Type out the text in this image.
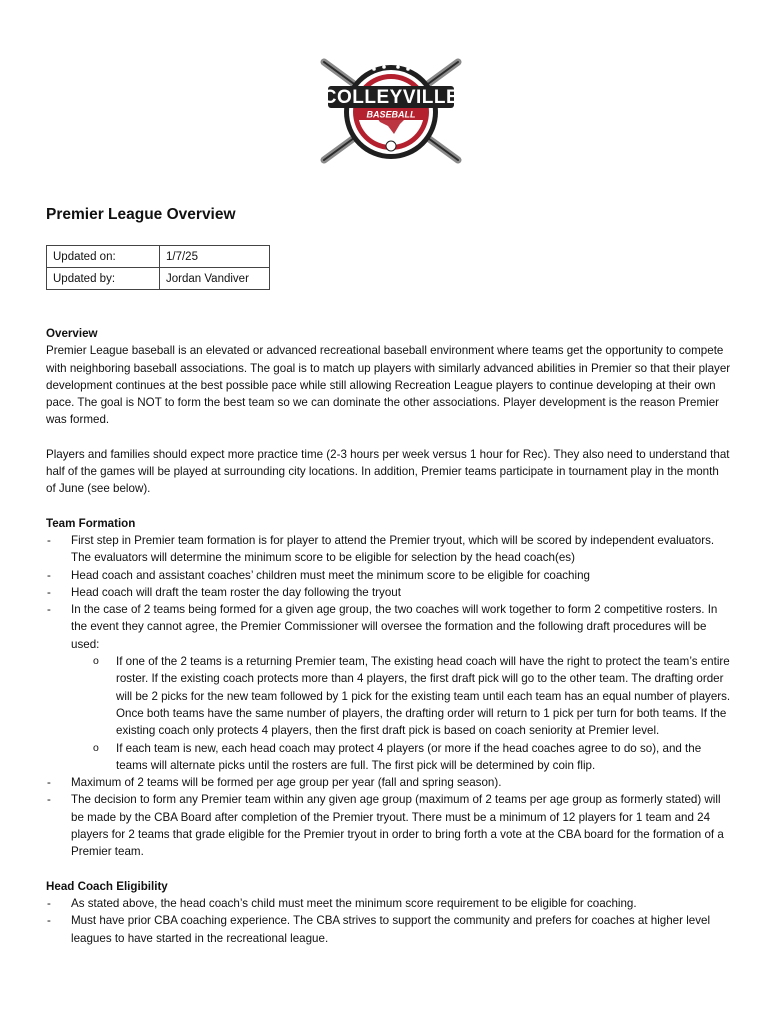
COLLEYVILLE
BASEBALL
Premier League Overview
Updated on:	1/7/25
Updated by:	Jordan Vandiver

Overview

Premier League baseball is an elevated or advanced recreational baseball environment where teams get the opportunity to compete with neighboring baseball associations. The goal is to match up players with similarly advanced abilities in Premier so that their player development continues at the best possible pace while still allowing Recreation League players to continue developing at their own pace. The goal is NOT to form the best team so we can dominate the other associations. Player development is the reason Premier was formed.

Players and families should expect more practice time (2-3 hours per week versus 1 hour for Rec). They also need to understand that half of the games will be played at surrounding city locations. In addition, Premier teams participate in tournament play in the month of June (see below).

Team Formation

- First step in Premier team formation is for player to attend the Premier tryout, which will be scored by independent evaluators. The evaluators will determine the minimum score to be eligible for selection by the head coach(es)
- Head coach and assistant coaches’ children must meet the minimum score to be eligible for coaching
- Head coach will draft the team roster the day following the tryout
- In the case of 2 teams being formed for a given age group, the two coaches will work together to form 2 competitive rosters. In the event they cannot agree, the Premier Commissioner will oversee the formation and the following draft procedures will be used:
o If one of the 2 teams is a returning Premier team, The existing head coach will have the right to protect the team’s entire roster. If the existing coach protects more than 4 players, the first draft pick will go to the other team. The drafting order will be 2 picks for the new team followed by 1 pick for the existing team until each team has an equal number of players. Once both teams have the same number of players, the drafting order will return to 1 pick per turn for both teams. If the existing coach only protects 4 players, then the first draft pick is based on coach seniority at Premier level.
o If each team is new, each head coach may protect 4 players (or more if the head coaches agree to do so), and the teams will alternate picks until the rosters are full. The first pick will be determined by coin flip.
- Maximum of 2 teams will be formed per age group per year (fall and spring season).
- The decision to form any Premier team within any given age group (maximum of 2 teams per age group as formerly stated) will be made by the CBA Board after completion of the Premier tryout. There must be a minimum of 12 players for 1 team and 24 players for 2 teams that grade eligible for the Premier tryout in order to bring forth a vote at the CBA board for the formation of a Premier team.

Head Coach Eligibility

- As stated above, the head coach’s child must meet the minimum score requirement to be eligible for coaching.
- Must have prior CBA coaching experience. The CBA strives to support the community and prefers for coaches at higher level leagues to have started in the recreational league.
